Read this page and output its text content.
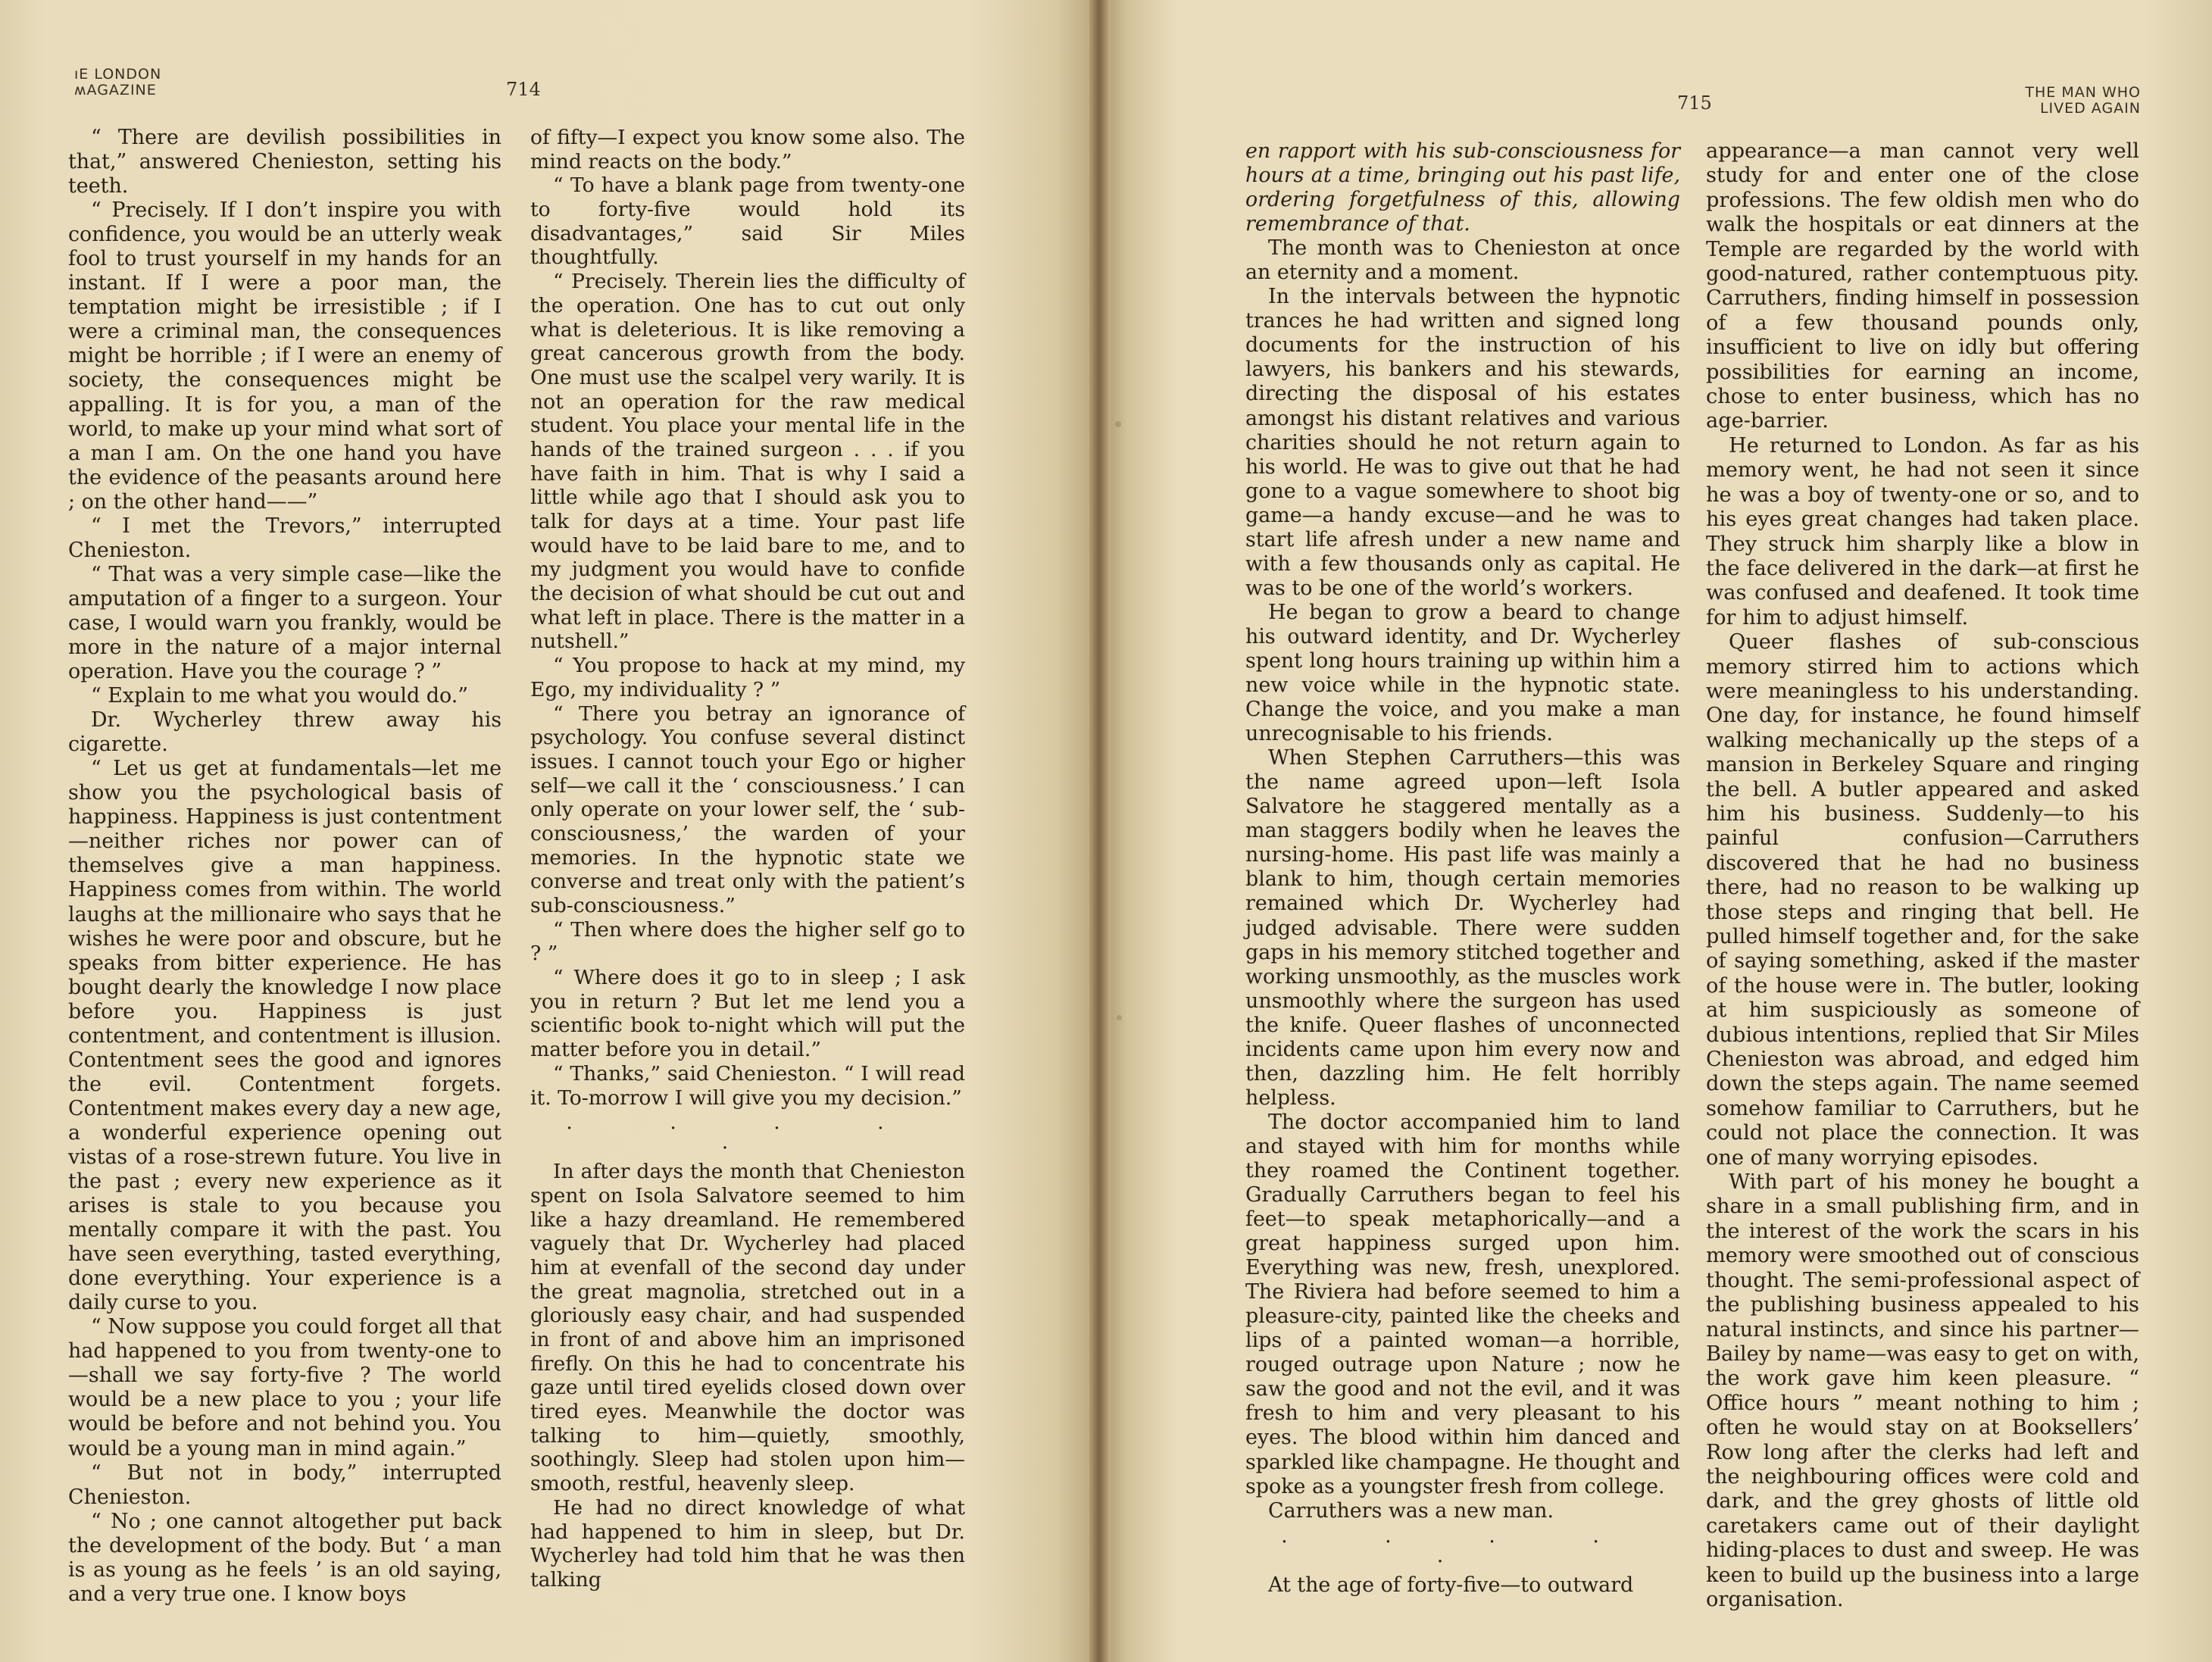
ıE LONDON
ʍAGAZINE	714

“ There are devilish possibilities in that,” answered Chenieston, setting his teeth.

“ Precisely. If I don’t inspire you with confidence, you would be an utterly weak fool to trust yourself in my hands for an instant. If I were a poor man, the temptation might be irresistible ; if I were a criminal man, the consequences might be horrible ; if I were an enemy of society, the consequences might be appalling. It is for you, a man of the world, to make up your mind what sort of a man I am. On the one hand you have the evidence of the peasants around here ; on the other hand——”

“ I met the Trevors,” interrupted Chenieston.

“ That was a very simple case—like the amputation of a finger to a surgeon. Your case, I would warn you frankly, would be more in the nature of a major internal operation. Have you the courage ? ”

“ Explain to me what you would do.”

Dr. Wycherley threw away his cigarette.

“ Let us get at fundamentals—let me show you the psychological basis of happiness. Happiness is just contentment—neither riches nor power can of themselves give a man happiness. Happiness comes from within. The world laughs at the millionaire who says that he wishes he were poor and obscure, but he speaks from bitter experience. He has bought dearly the knowledge I now place before you. Happiness is just contentment, and contentment is illusion. Contentment sees the good and ignores the evil. Contentment forgets. Contentment makes every day a new age, a wonderful experience opening out vistas of a rose-strewn future. You live in the past ; every new experience as it arises is stale to you because you mentally compare it with the past. You have seen everything, tasted everything, done everything. Your experience is a daily curse to you.

“ Now suppose you could forget all that had happened to you from twenty-one to —shall we say forty-five ? The world would be a new place to you ; your life would be before and not behind you. You would be a young man in mind again.”

“ But not in body,” interrupted Chenieston.

“ No ; one cannot altogether put back the development of the body. But ‘ a man is as young as he feels ’ is an old saying, and a very true one. I know boys

of fifty—I expect you know some also. The mind reacts on the body.”

“ To have a blank page from twenty-one to forty-five would hold its disadvantages,” said Sir Miles thoughtfully.

“ Precisely. Therein lies the difficulty of the operation. One has to cut out only what is deleterious. It is like removing a great cancerous growth from the body. One must use the scalpel very warily. It is not an operation for the raw medical student. You place your mental life in the hands of the trained surgeon . . . if you have faith in him. That is why I said a little while ago that I should ask you to talk for days at a time. Your past life would have to be laid bare to me, and to my judgment you would have to confide the decision of what should be cut out and what left in place. There is the matter in a nutshell.”

“ You propose to hack at my mind, my Ego, my individuality ? ”

“ There you betray an ignorance of psychology. You confuse several distinct issues. I cannot touch your Ego or higher self—we call it the ‘ consciousness.’ I can only operate on your lower self, the ‘ sub-consciousness,’ the warden of your memories. In the hypnotic state we converse and treat only with the patient’s sub-consciousness.”

“ Then where does the higher self go to ? ”

“ Where does it go to in sleep ; I ask you in return ? But let me lend you a scientific book to-night which will put the matter before you in detail.”

“ Thanks,” said Chenieston. “ I will read it. To-morrow I will give you my decision.”

. . . . .

In after days the month that Chenieston spent on Isola Salvatore seemed to him like a hazy dreamland. He remembered vaguely that Dr. Wycherley had placed him at evenfall of the second day under the great magnolia, stretched out in a gloriously easy chair, and had suspended in front of and above him an imprisoned firefly. On this he had to concentrate his gaze until tired eyelids closed down over tired eyes. Meanwhile the doctor was talking to him—quietly, smoothly, soothingly. Sleep had stolen upon him—smooth, restful, heavenly sleep.

He had no direct knowledge of what had happened to him in sleep, but Dr. Wycherley had told him that he was then talking

THE MAN WHO
LIVED AGAIN
715

en rapport with his sub-consciousness for hours at a time, bringing out his past life, ordering forgetfulness of this, allowing remembrance of that.

The month was to Chenieston at once an eternity and a moment.

In the intervals between the hypnotic trances he had written and signed long documents for the instruction of his lawyers, his bankers and his stewards, directing the disposal of his estates amongst his distant relatives and various charities should he not return again to his world. He was to give out that he had gone to a vague somewhere to shoot big game—a handy excuse—and he was to start life afresh under a new name and with a few thousands only as capital. He was to be one of the world’s workers.

He began to grow a beard to change his outward identity, and Dr. Wycherley spent long hours training up within him a new voice while in the hypnotic state. Change the voice, and you make a man unrecognisable to his friends.

When Stephen Carruthers—this was the name agreed upon—left Isola Salvatore he staggered mentally as a man staggers bodily when he leaves the nursing-home. His past life was mainly a blank to him, though certain memories remained which Dr. Wycherley had judged advisable. There were sudden gaps in his memory stitched together and working unsmoothly, as the muscles work unsmoothly where the surgeon has used the knife. Queer flashes of unconnected incidents came upon him every now and then, dazzling him. He felt horribly helpless.

The doctor accompanied him to land and stayed with him for months while they roamed the Continent together. Gradually Carruthers began to feel his feet—to speak metaphorically—and a great happiness surged upon him. Everything was new, fresh, unexplored. The Riviera had before seemed to him a pleasure-city, painted like the cheeks and lips of a painted woman—a horrible, rouged outrage upon Nature ; now he saw the good and not the evil, and it was fresh to him and very pleasant to his eyes. The blood within him danced and sparkled like champagne. He thought and spoke as a youngster fresh from college.

Carruthers was a new man.

. . . . .

At the age of forty-five—to outward

appearance—a man cannot very well study for and enter one of the close professions. The few oldish men who do walk the hospitals or eat dinners at the Temple are regarded by the world with good-natured, rather contemptuous pity. Carruthers, finding himself in possession of a few thousand pounds only, insufficient to live on idly but offering possibilities for earning an income, chose to enter business, which has no age-barrier.

He returned to London. As far as his memory went, he had not seen it since he was a boy of twenty-one or so, and to his eyes great changes had taken place. They struck him sharply like a blow in the face delivered in the dark—at first he was confused and deafened. It took time for him to adjust himself.

Queer flashes of sub-conscious memory stirred him to actions which were meaningless to his understanding. One day, for instance, he found himself walking mechanically up the steps of a mansion in Berkeley Square and ringing the bell. A butler appeared and asked him his business. Suddenly—to his painful confusion—Carruthers discovered that he had no business there, had no reason to be walking up those steps and ringing that bell. He pulled himself together and, for the sake of saying something, asked if the master of the house were in. The butler, looking at him suspiciously as someone of dubious intentions, replied that Sir Miles Chenieston was abroad, and edged him down the steps again. The name seemed somehow familiar to Carruthers, but he could not place the connection. It was one of many worrying episodes.

With part of his money he bought a share in a small publishing firm, and in the interest of the work the scars in his memory were smoothed out of conscious thought. The semi-professional aspect of the publishing business appealed to his natural instincts, and since his partner—Bailey by name—was easy to get on with, the work gave him keen pleasure. “ Office hours ” meant nothing to him ; often he would stay on at Booksellers’ Row long after the clerks had left and the neighbouring offices were cold and dark, and the grey ghosts of little old caretakers came out of their daylight hiding-places to dust and sweep. He was keen to build up the business into a large organisation.
